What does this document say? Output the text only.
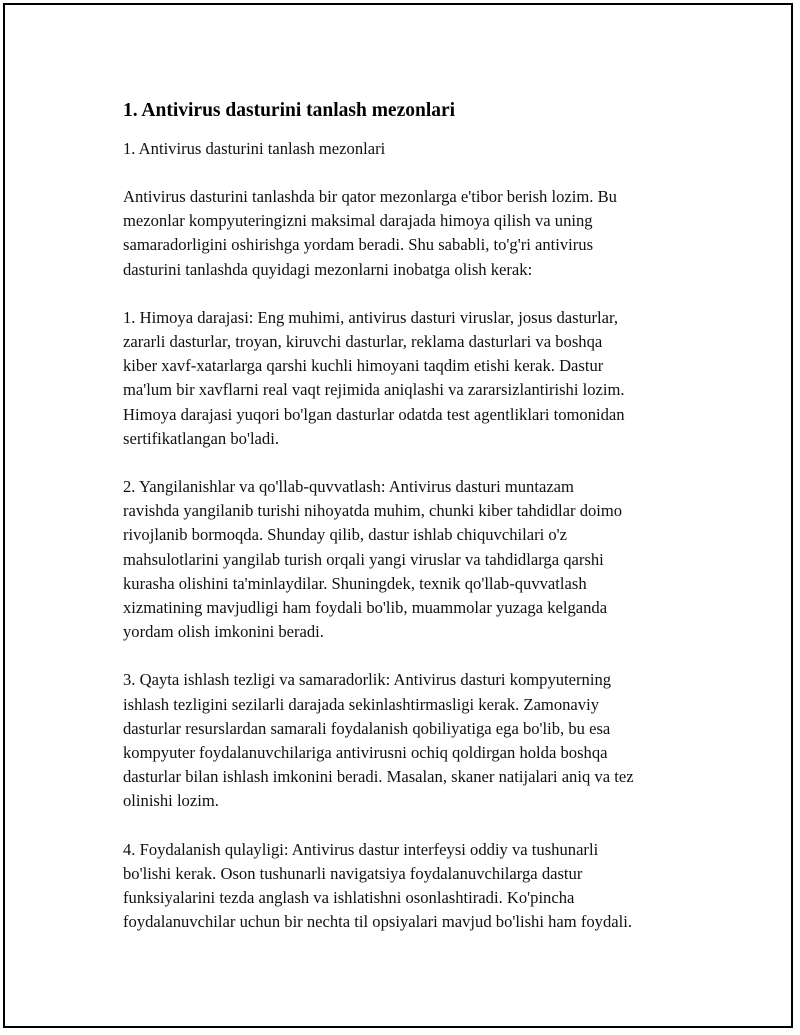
1. Antivirus dasturini tanlash mezonlari

1. Antivirus dasturini tanlash mezonlari

Antivirus dasturini tanlashda bir qator mezonlarga e'tibor berish lozim. Bu
mezonlar kompyuteringizni maksimal darajada himoya qilish va uning
samaradorligini oshirishga yordam beradi. Shu sababli, to'g'ri antivirus
dasturini tanlashda quyidagi mezonlarni inobatga olish kerak:

1. Himoya darajasi: Eng muhimi, antivirus dasturi viruslar, josus dasturlar,
zararli dasturlar, troyan, kiruvchi dasturlar, reklama dasturlari va boshqa
kiber xavf-xatarlarga qarshi kuchli himoyani taqdim etishi kerak. Dastur
ma'lum bir xavflarni real vaqt rejimida aniqlashi va zararsizlantirishi lozim.
Himoya darajasi yuqori bo'lgan dasturlar odatda test agentliklari tomonidan
sertifikatlangan bo'ladi.

2. Yangilanishlar va qo'llab-quvvatlash: Antivirus dasturi muntazam
ravishda yangilanib turishi nihoyatda muhim, chunki kiber tahdidlar doimo
rivojlanib bormoqda. Shunday qilib, dastur ishlab chiquvchilari o'z
mahsulotlarini yangilab turish orqali yangi viruslar va tahdidlarga qarshi
kurasha olishini ta'minlaydilar. Shuningdek, texnik qo'llab-quvvatlash
xizmatining mavjudligi ham foydali bo'lib, muammolar yuzaga kelganda
yordam olish imkonini beradi.

3. Qayta ishlash tezligi va samaradorlik: Antivirus dasturi kompyuterning
ishlash tezligini sezilarli darajada sekinlashtirmasligi kerak. Zamonaviy
dasturlar resurslardan samarali foydalanish qobiliyatiga ega bo'lib, bu esa
kompyuter foydalanuvchilariga antivirusni ochiq qoldirgan holda boshqa
dasturlar bilan ishlash imkonini beradi. Masalan, skaner natijalari aniq va tez
olinishi lozim.

4. Foydalanish qulayligi: Antivirus dastur interfeysi oddiy va tushunarli
bo'lishi kerak. Oson tushunarli navigatsiya foydalanuvchilarga dastur
funksiyalarini tezda anglash va ishlatishni osonlashtiradi. Ko'pincha
foydalanuvchilar uchun bir nechta til opsiyalari mavjud bo'lishi ham foydali.
